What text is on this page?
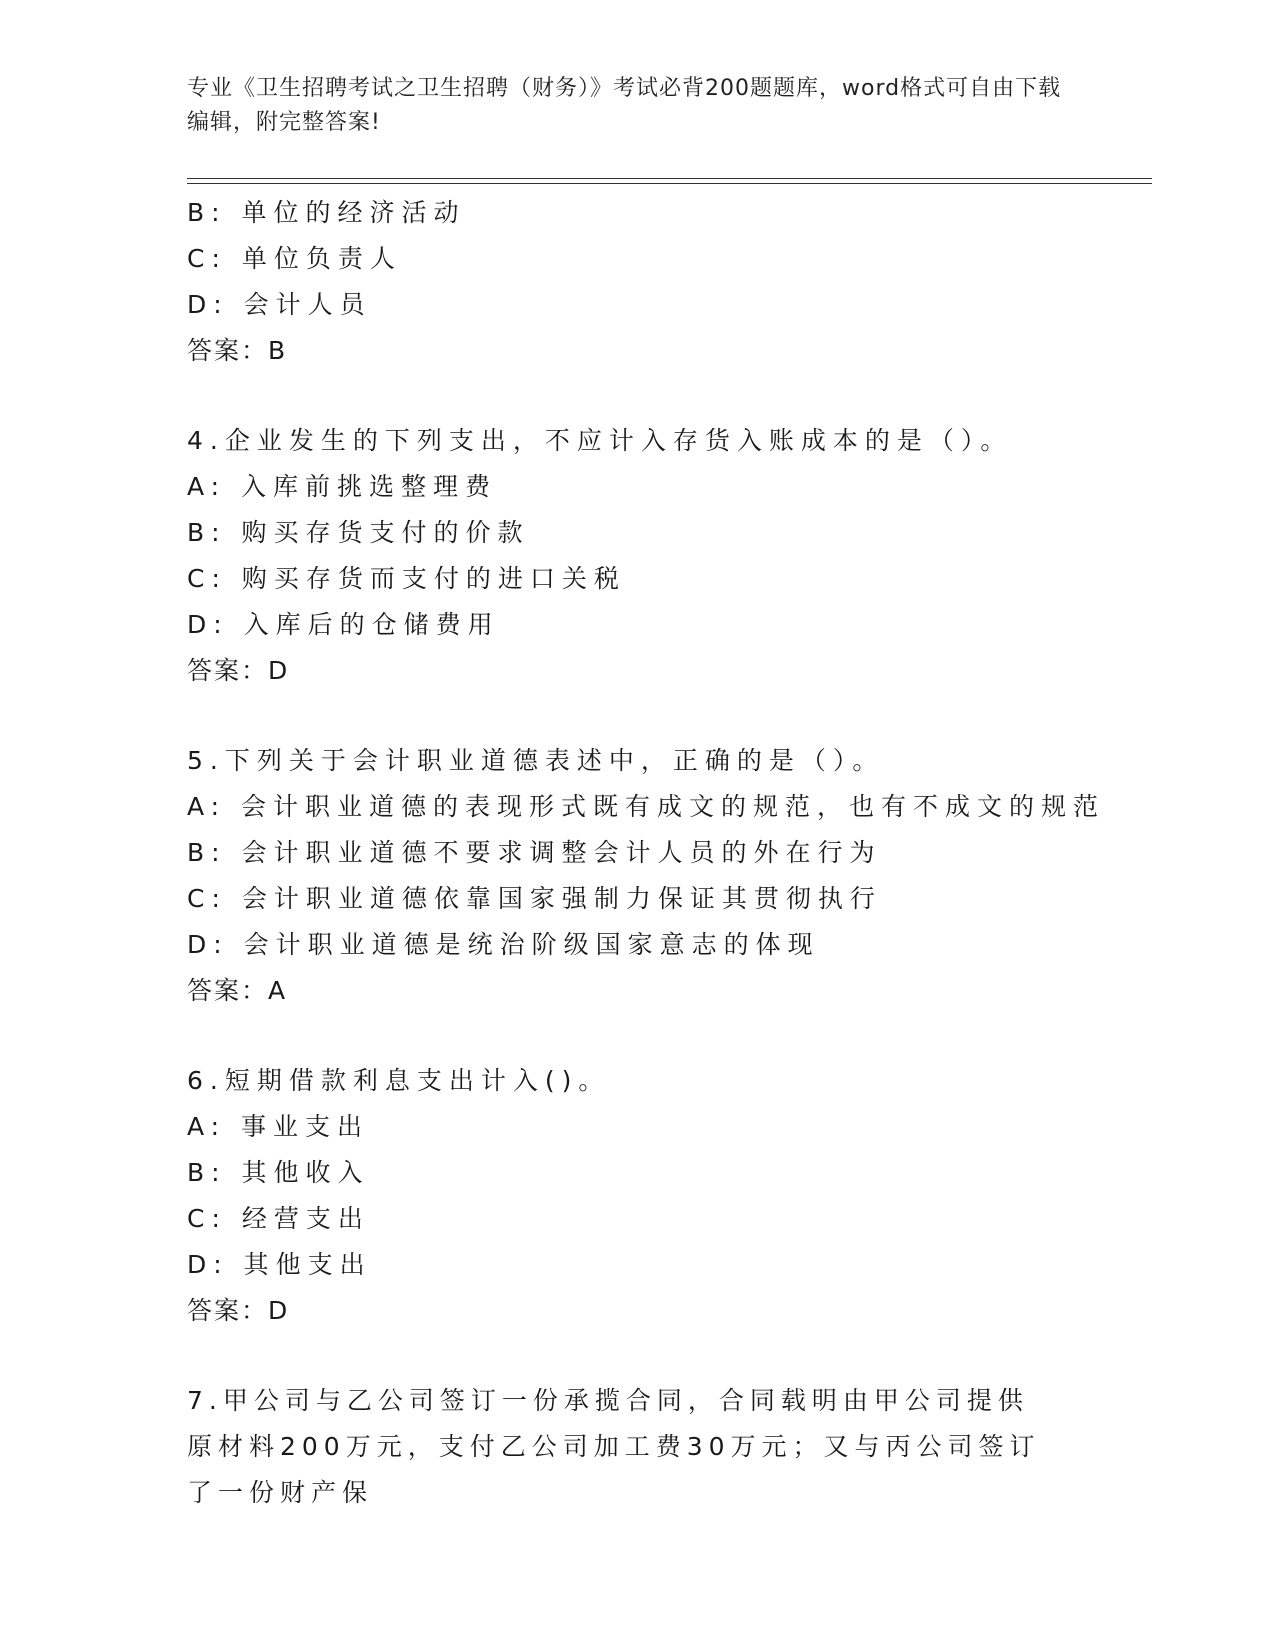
专业《卫生招聘考试之卫生招聘（财务）》考试必背200题题库，word格式可自由下载编辑，附完整答案!
B: 单位的经济活动
C: 单位负责人
D: 会计人员
答案：B
4.企业发生的下列支出，不应计入存货入账成本的是（）。
A: 入库前挑选整理费
B: 购买存货支付的价款
C: 购买存货而支付的进口关税
D: 入库后的仓储费用
答案：D
5.下列关于会计职业道德表述中，正确的是（）。
A: 会计职业道德的表现形式既有成文的规范，也有不成文的规范
B: 会计职业道德不要求调整会计人员的外在行为
C: 会计职业道德依靠国家强制力保证其贯彻执行
D: 会计职业道德是统治阶级国家意志的体现
答案：A
6.短期借款利息支出计入()。
A: 事业支出
B: 其他收入
C: 经营支出
D: 其他支出
答案：D
7.甲公司与乙公司签订一份承揽合同，合同载明由甲公司提供原材料200万元，支付乙公司加工费30万元；又与丙公司签订了一份财产保
